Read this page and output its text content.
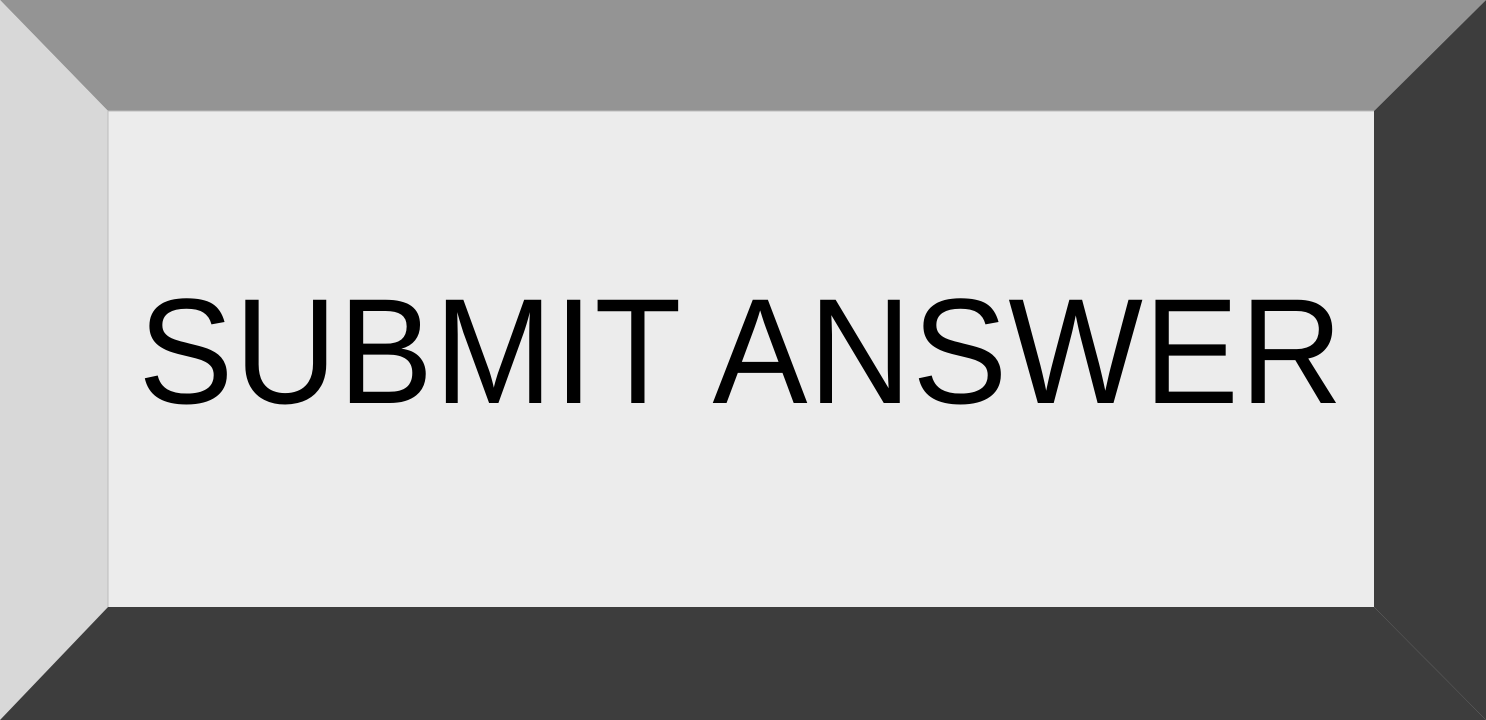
SUBMIT ANSWER
